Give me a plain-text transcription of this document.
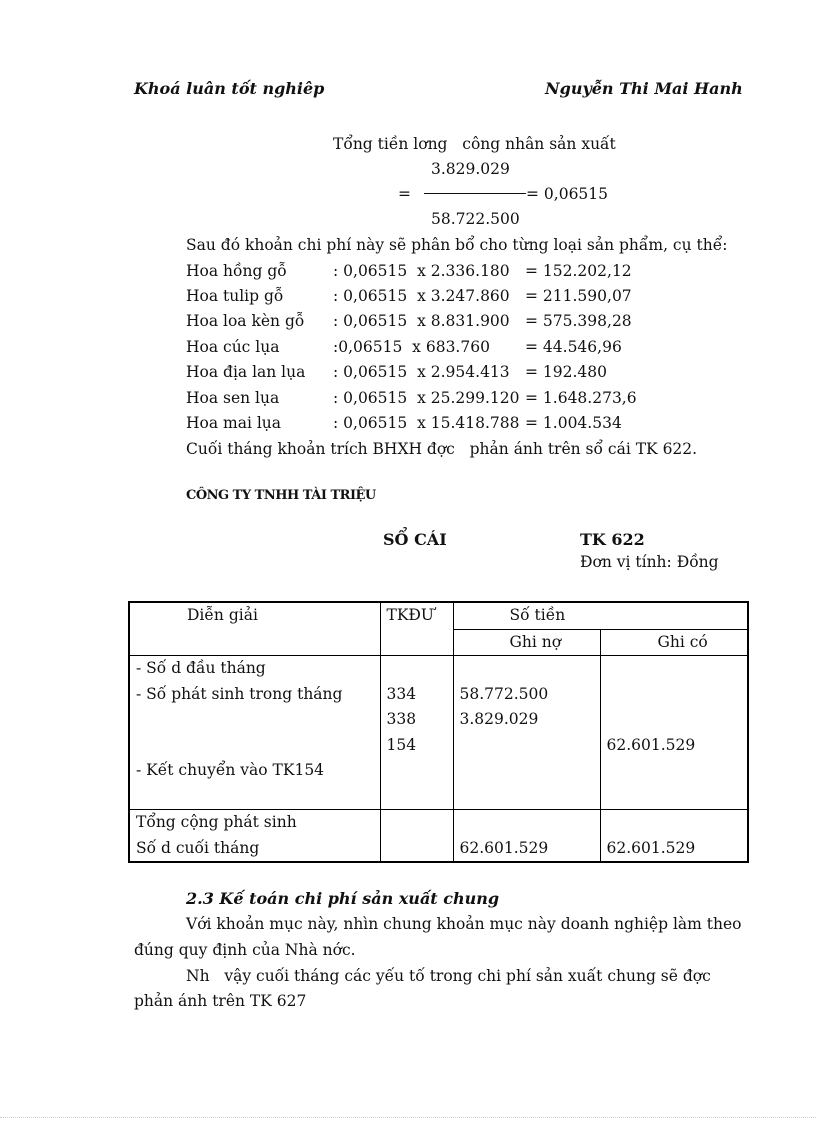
Khoá luân tốt nghiêp	Nguyễn Thi Mai Hanh
Tổng tiền lơng   công nhân sản xuất
3.829.029
=	= 0,06515
58.722.500
Sau đó khoản chi phí này sẽ phân bổ cho từng loại sản phẩm, cụ thể:
Hoa hồng gỗ	: 0,06515  x 2.336.180 = 152.202,12
Hoa tulip gỗ	: 0,06515  x 3.247.860 = 211.590,07
Hoa loa kèn gỗ : 0,06515  x 8.831.900 = 575.398,28
Hoa cúc lụa	:0,06515  x 683.760 = 44.546,96
Hoa địa lan lụa : 0,06515  x 2.954.413 = 192.480
Hoa sen lụa	: 0,06515  x 25.299.120 = 1.648.273,6
Hoa mai lụa	: 0,06515  x 15.418.788 = 1.004.534
Cuối tháng khoản trích BHXH đợc   phản ánh trên sổ cái TK 622.
CÔNG TY TNHH TÀI TRIỆU
SỔ CÁI	TK 622
Đơn vị tính: Đồng
Diễn giải	TKĐƯ	Số tiền	
		Ghi nợ	Ghi có
- Số d đầu tháng			
- Số phát sinh trong tháng	334	58.772.500	
	338	3.829.029	
	154		62.601.529
- Kết chuyển vào TK154			

Tổng cộng phát sinh			
Số d cuối tháng		62.601.529	62.601.529
2.3 Kế toán chi phí sản xuất chung
Với khoản mục này, nhìn chung khoản mục này doanh nghiệp làm theo
đúng quy định của Nhà nớc.
Nh   vậy cuối tháng các yếu tố trong chi phí sản xuất chung sẽ đợc
phản ánh trên TK 627
